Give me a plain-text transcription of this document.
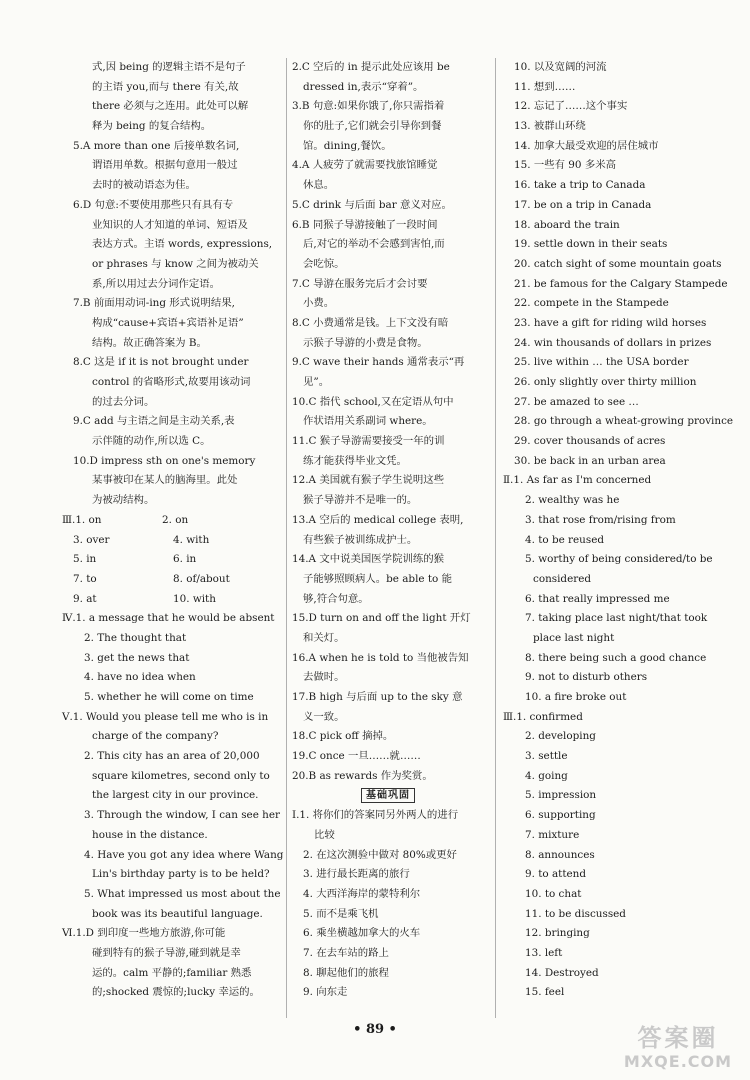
式,因 being 的逻辑主语不是句子
的主语 you,而与 there 有关,故
there 必须与之连用。此处可以解
释为 being 的复合结构。
5.A more than one 后接单数名词,
谓语用单数。根据句意用一般过
去时的被动语态为佳。
6.D 句意:不要使用那些只有具有专
业知识的人才知道的单词、短语及
表达方式。主语 words, expressions,
or phrases 与 know 之间为被动关
系,所以用过去分词作定语。
7.B 前面用动词-ing 形式说明结果,
构成“cause+宾语+宾语补足语”
结构。故正确答案为 B。
8.C 这是 if it is not brought under
control 的省略形式,故要用该动词
的过去分词。
9.C add 与主语之间是主动关系,表
示伴随的动作,所以选 C。
10.D impress sth on one's memory
某事被印在某人的脑海里。此处
为被动结构。
Ⅲ.1. on	2. on
3. over	4. with
5. in	6. in
7. to	8. of/about
9. at	10. with
Ⅳ.1. a message that he would be absent
2. The thought that
3. get the news that
4. have no idea when
5. whether he will come on time
Ⅴ.1. Would you please tell me who is in
charge of the company?
2. This city has an area of 20,000
square kilometres, second only to
the largest city in our province.
3. Through the window, I can see her
house in the distance.
4. Have you got any idea where Wang
Lin's birthday party is to be held?
5. What impressed us most about the
book was its beautiful language.
Ⅵ.1.D 到印度一些地方旅游,你可能
碰到特有的猴子导游,碰到就是幸
运的。calm 平静的;familiar 熟悉
的;shocked 震惊的;lucky 幸运的。
2.C 空后的 in 提示此处应该用 be
dressed in,表示“穿着”。
3.B 句意:如果你饿了,你只需指着
你的肚子,它们就会引导你到餐
馆。dining,餐饮。
4.A 人疲劳了就需要找旅馆睡觉
休息。
5.C drink 与后面 bar 意义对应。
6.B 同猴子导游接触了一段时间
后,对它的举动不会感到害怕,而
会吃惊。
7.C 导游在服务完后才会讨要
小费。
8.C 小费通常是钱。上下文没有暗
示猴子导游的小费是食物。
9.C wave their hands 通常表示“再
见”。
10.C 指代 school,又在定语从句中
作状语用关系副词 where。
11.C 猴子导游需要接受一年的训
练才能获得毕业文凭。
12.A 美国就有猴子学生说明这些
猴子导游并不是唯一的。
13.A 空后的 medical college 表明,
有些猴子被训练成护士。
14.A 文中说美国医学院训练的猴
子能够照顾病人。be able to 能
够,符合句意。
15.D turn on and off the light 开灯
和关灯。
16.A when he is told to 当他被告知
去做时。
17.B high 与后面 up to the sky 意
义一致。
18.C pick off 摘掉。
19.C once 一旦……就……
20.B as rewards 作为奖赏。
基础巩固
Ⅰ.1. 将你们的答案同另外两人的进行
比较
2. 在这次测验中做对 80%或更好
3. 进行最长距离的旅行
4. 大西洋海岸的蒙特利尔
5. 而不是乘飞机
6. 乘坐横越加拿大的火车
7. 在去车站的路上
8. 聊起他们的旅程
9. 向东走
10. 以及宽阔的河流
11. 想到……
12. 忘记了……这个事实
13. 被群山环绕
14. 加拿大最受欢迎的居住城市
15. 一些有 90 多米高
16. take a trip to Canada
17. be on a trip in Canada
18. aboard the train
19. settle down in their seats
20. catch sight of some mountain goats
21. be famous for the Calgary Stampede
22. compete in the Stampede
23. have a gift for riding wild horses
24. win thousands of dollars in prizes
25. live within … the USA border
26. only slightly over thirty million
27. be amazed to see …
28. go through a wheat-growing province
29. cover thousands of acres
30. be back in an urban area
Ⅱ.1. As far as I'm concerned
2. wealthy was he
3. that rose from/rising from
4. to be reused
5. worthy of being considered/to be
considered
6. that really impressed me
7. taking place last night/that took
place last night
8. there being such a good chance
9. not to disturb others
10. a fire broke out
Ⅲ.1. confirmed
2. developing
3. settle
4. going
5. impression
6. supporting
7. mixture
8. announces
9. to attend
10. to chat
11. to be discussed
12. bringing
13. left
14. Destroyed
15. feel
• 89 •	答案圈
MXQE.COM
